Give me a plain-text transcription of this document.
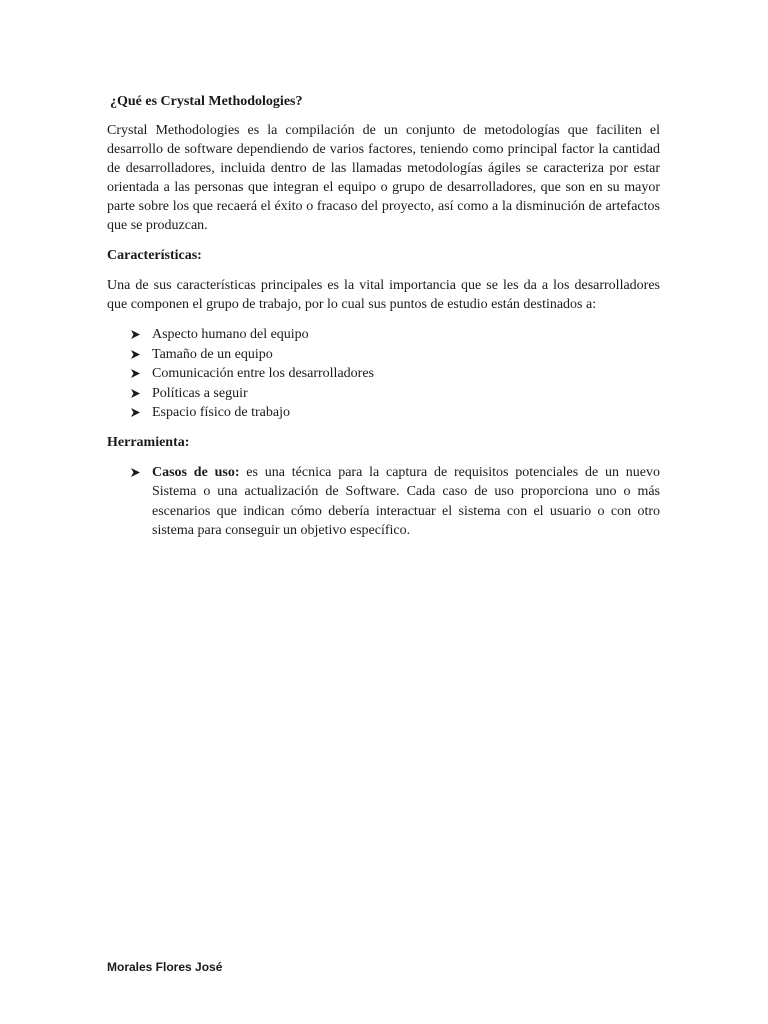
¿Qué es Crystal Methodologies?

Crystal Methodologies es la compilación de un conjunto de metodologías que faciliten el desarrollo de software dependiendo de varios factores, teniendo como principal factor la cantidad de desarrolladores, incluida dentro de las llamadas metodologías ágiles se caracteriza por estar orientada a las personas que integran el equipo o grupo de desarrolladores, que son en su mayor parte sobre los que recaerá el éxito o fracaso del proyecto, así como a la disminución de artefactos que se produzcan.

Características:

Una de sus características principales es la vital importancia que se les da a los desarrolladores que componen el grupo de trabajo, por lo cual sus puntos de estudio están destinados a:

Aspecto humano del equipo
Tamaño de un equipo
Comunicación entre los desarrolladores
Políticas a seguir
Espacio físico de trabajo

Herramienta:

Casos de uso: es una técnica para la captura de requisitos potenciales de un nuevo Sistema o una actualización de Software. Cada caso de uso proporciona uno o más escenarios que indican cómo debería interactuar el sistema con el usuario o con otro sistema para conseguir un objetivo específico.
Morales Flores José
